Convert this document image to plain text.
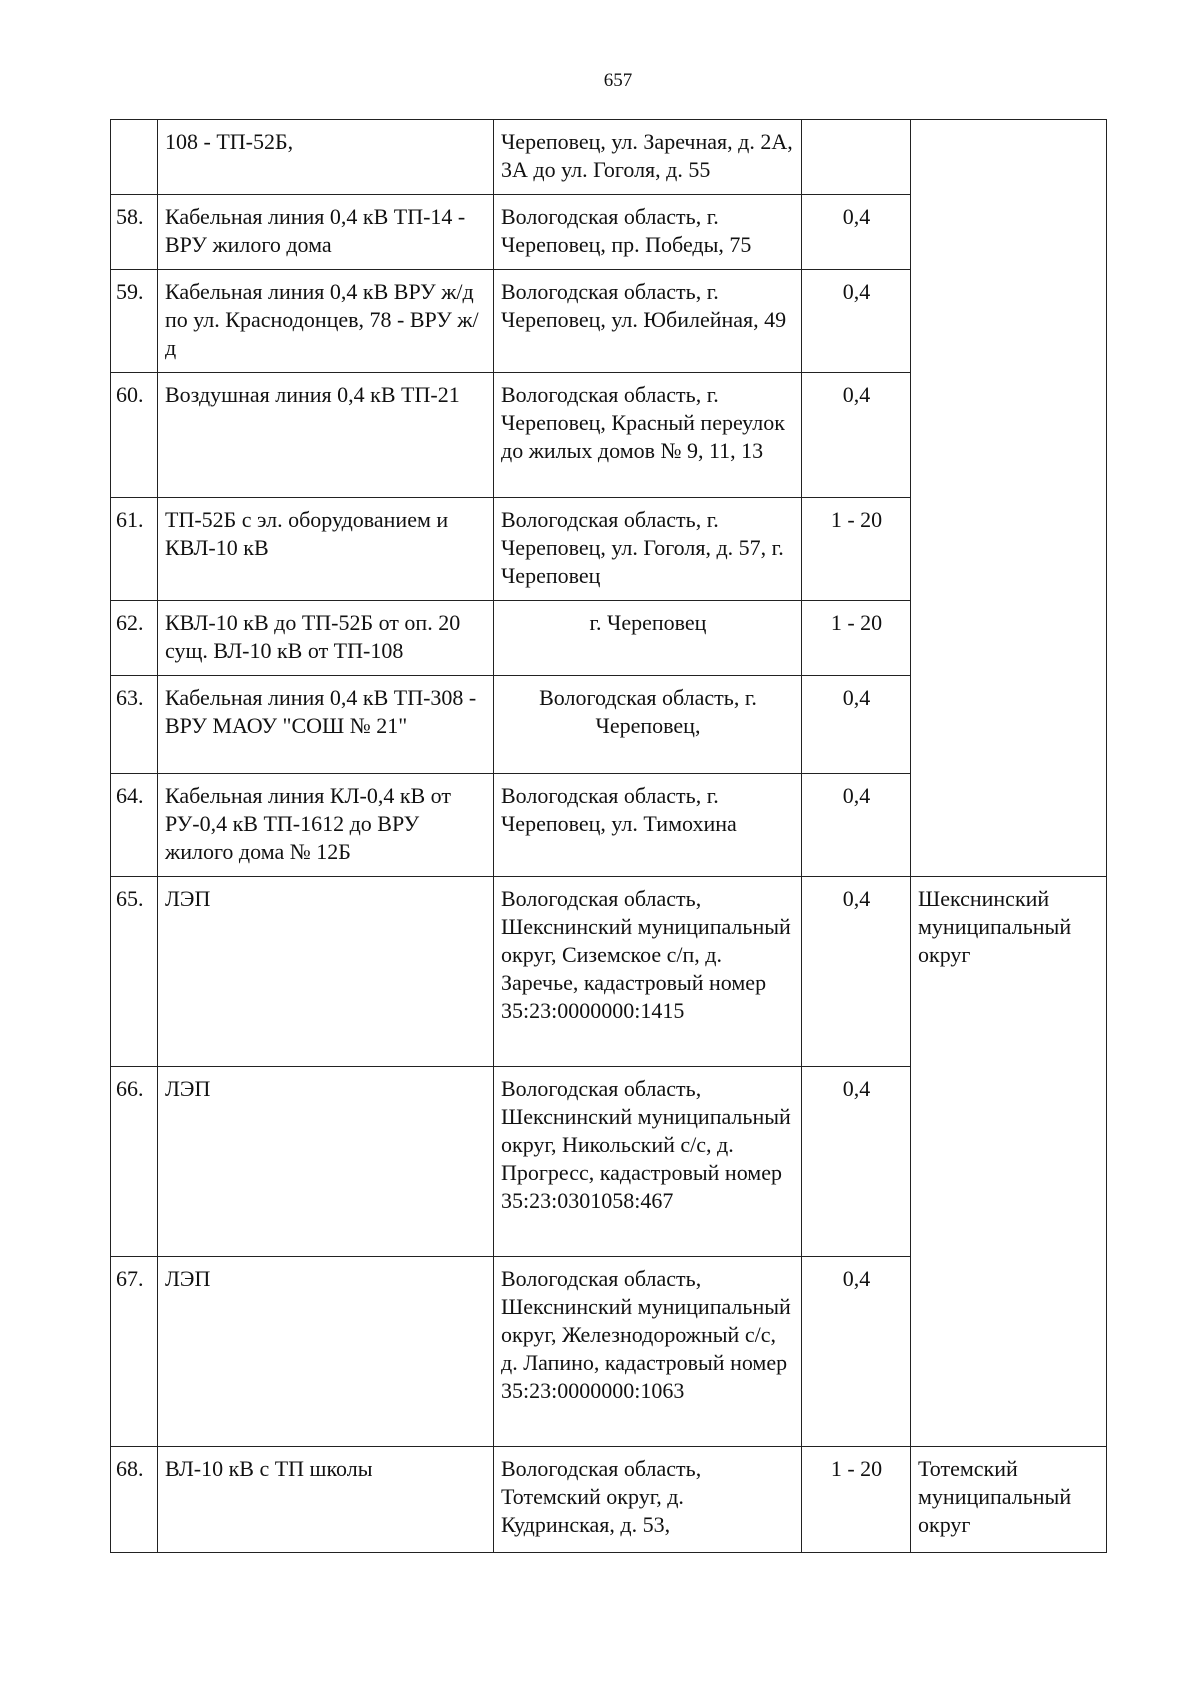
657
	108 - ТП-52Б,	Череповец, ул. Заречная, д. 2А, 3А до ул. Гоголя, д. 55		
58.	Кабельная линия 0,4 кВ ТП-14 - ВРУ жилого дома	Вологодская область, г. Череповец, пр. Победы, 75	0,4	
59.	Кабельная линия 0,4 кВ ВРУ ж/д по ул. Краснодонцев, 78 - ВРУ ж/д	Вологодская область, г. Череповец, ул. Юбилейная, 49	0,4	
60.	Воздушная линия 0,4 кВ ТП-21	Вологодская область, г. Череповец, Красный переулок до жилых домов № 9, 11, 13	0,4	
61.	ТП-52Б с эл. оборудованием и КВЛ-10 кВ	Вологодская область, г. Череповец, ул. Гоголя, д. 57, г. Череповец	1 - 20	
62.	КВЛ-10 кВ до ТП-52Б от оп. 20 сущ. ВЛ-10 кВ от ТП-108	г. Череповец	1 - 20	
63.	Кабельная линия 0,4 кВ ТП-308 - ВРУ МАОУ "СОШ № 21"	Вологодская область, г. Череповец,	0,4	
64.	Кабельная линия КЛ-0,4 кВ от РУ-0,4 кВ ТП-1612 до ВРУ жилого дома № 12Б	Вологодская область, г. Череповец, ул. Тимохина	0,4	
65.	ЛЭП	Вологодская область, Шекснинский муниципальный округ, Сиземское с/п, д. Заречье, кадастровый номер 35:23:0000000:1415	0,4	Шекснинский муниципальный округ
66.	ЛЭП	Вологодская область, Шекснинский муниципальный округ, Никольский с/с, д. Прогресс, кадастровый номер 35:23:0301058:467	0,4	
67.	ЛЭП	Вологодская область, Шекснинский муниципальный округ, Железнодорожный с/с, д. Лапино, кадастровый номер 35:23:0000000:1063	0,4	
68.	ВЛ-10 кВ с ТП школы	Вологодская область, Тотемский округ, д. Кудринская, д. 53,	1 - 20	Тотемский муниципальный округ
